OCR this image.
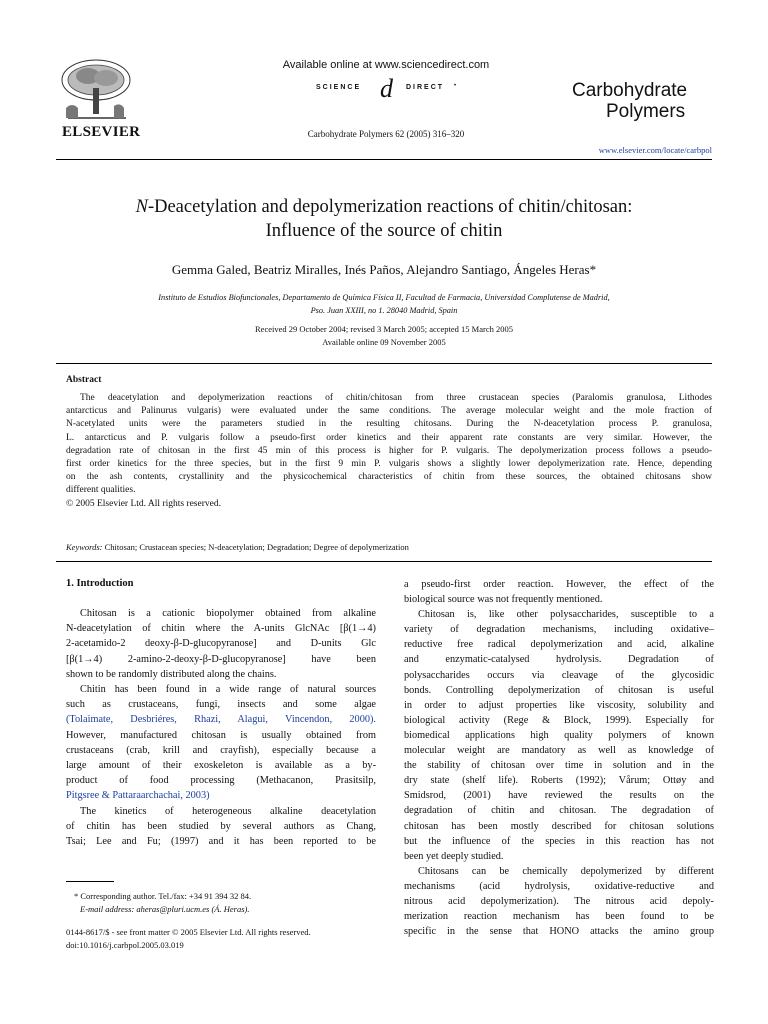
ELSEVIER
Available online at www.sciencedirect.com
SCIENCE d DIRECT •
Carbohydrate Polymers 62 (2005) 316–320
Carbohydrate
Polymers
www.elsevier.com/locate/carbpol
N-Deacetylation and depolymerization reactions of chitin/chitosan:
Influence of the source of chitin
Gemma Galed, Beatriz Miralles, Inés Paños, Alejandro Santiago, Ángeles Heras*
Instituto de Estudios Biofuncionales, Departamento de Química Física II, Facultad de Farmacia, Universidad Complutense de Madrid,
Pso. Juan XXIII, no 1. 28040 Madrid, Spain
Received 29 October 2004; revised 3 March 2005; accepted 15 March 2005
Available online 09 November 2005
Abstract
The deacetylation and depolymerization reactions of chitin/chitosan from three crustacean species (Paralomis granulosa, Lithodes
antarcticus and Palinurus vulgaris) were evaluated under the same conditions. The average molecular weight and the mole fraction of
N-acetylated units were the parameters studied in the resulting chitosans. During the N-deacetylation process P. granulosa,
L. antarcticus and P. vulgaris follow a pseudo-first order kinetics and their apparent rate constants are very similar. However, the
degradation rate of chitosan in the first 45 min of this process is higher for P. vulgaris. The depolymerization process follows a pseudo-
first order kinetics for the three species, but in the first 9 min P. vulgaris shows a slightly lower depolymerization rate. Hence, depending
on the ash contents, crystallinity and the physicochemical characteristics of chitin from these sources, the obtained chitosans show
different qualities.
© 2005 Elsevier Ltd. All rights reserved.
Keywords: Chitosan; Crustacean species; N-deacetylation; Degradation; Degree of depolymerization
1. Introduction
Chitosan is a cationic biopolymer obtained from alkaline
N-deacetylation of chitin where the A-units GlcNAc [β(1→4)
2-acetamido-2 deoxy-β-D-glucopyranose] and D-units Glc
[β(1→4) 2-amino-2-deoxy-β-D-glucopyranose] have been
shown to be randomly distributed along the chains.
Chitin has been found in a wide range of natural sources
such as crustaceans, fungi, insects and some algae
(Tolaimate, Desbriéres, Rhazi, Alagui, Vincendon, 2000).
However, manufactured chitosan is usually obtained from
crustaceans (crab, krill and crayfish), especially because a
large amount of their exoskeleton is available as a by-
product of food processing (Methacanon, Prasitsilp,
Pitgsree & Pattaraarchachai, 2003)
The kinetics of heterogeneous alkaline deacetylation
of chitin has been studied by several authors as Chang,
Tsai; Lee and Fu; (1997) and it has been reported to be
* Corresponding author. Tel./fax: +34 91 394 32 84.
E-mail address: aheras@pluri.ucm.es (Á. Heras).
0144-8617/$ - see front matter © 2005 Elsevier Ltd. All rights reserved.
doi:10.1016/j.carbpol.2005.03.019
a pseudo-first order reaction. However, the effect of the
biological source was not frequently mentioned.
Chitosan is, like other polysaccharides, susceptible to a
variety of degradation mechanisms, including oxidative–
reductive free radical depolymerization and acid, alkaline
and enzymatic-catalysed hydrolysis. Degradation of
polysaccharides occurs via cleavage of the glycosidic
bonds. Controlling depolymerization of chitosan is useful
in order to adjust properties like viscosity, solubility and
biological activity (Rege & Block, 1999). Especially for
biomedical applications high quality polymers of known
molecular weight are mandatory as well as knowledge of
the stability of chitosan over time in solution and in the
dry state (shelf life). Roberts (1992); Vårum; Ottøy and
Smidsrod, (2001) have reviewed the results on the
degradation of chitin and chitosan. The degradation of
chitosan has been mostly described for chitosan solutions
but the influence of the species in this reaction has not
been yet deeply studied.
Chitosans can be chemically depolymerized by different
mechanisms (acid hydrolysis, oxidative-reductive and
nitrous acid depolymerization). The nitrous acid depoly-
merization reaction mechanism has been found to be
specific in the sense that HONO attacks the amino group
